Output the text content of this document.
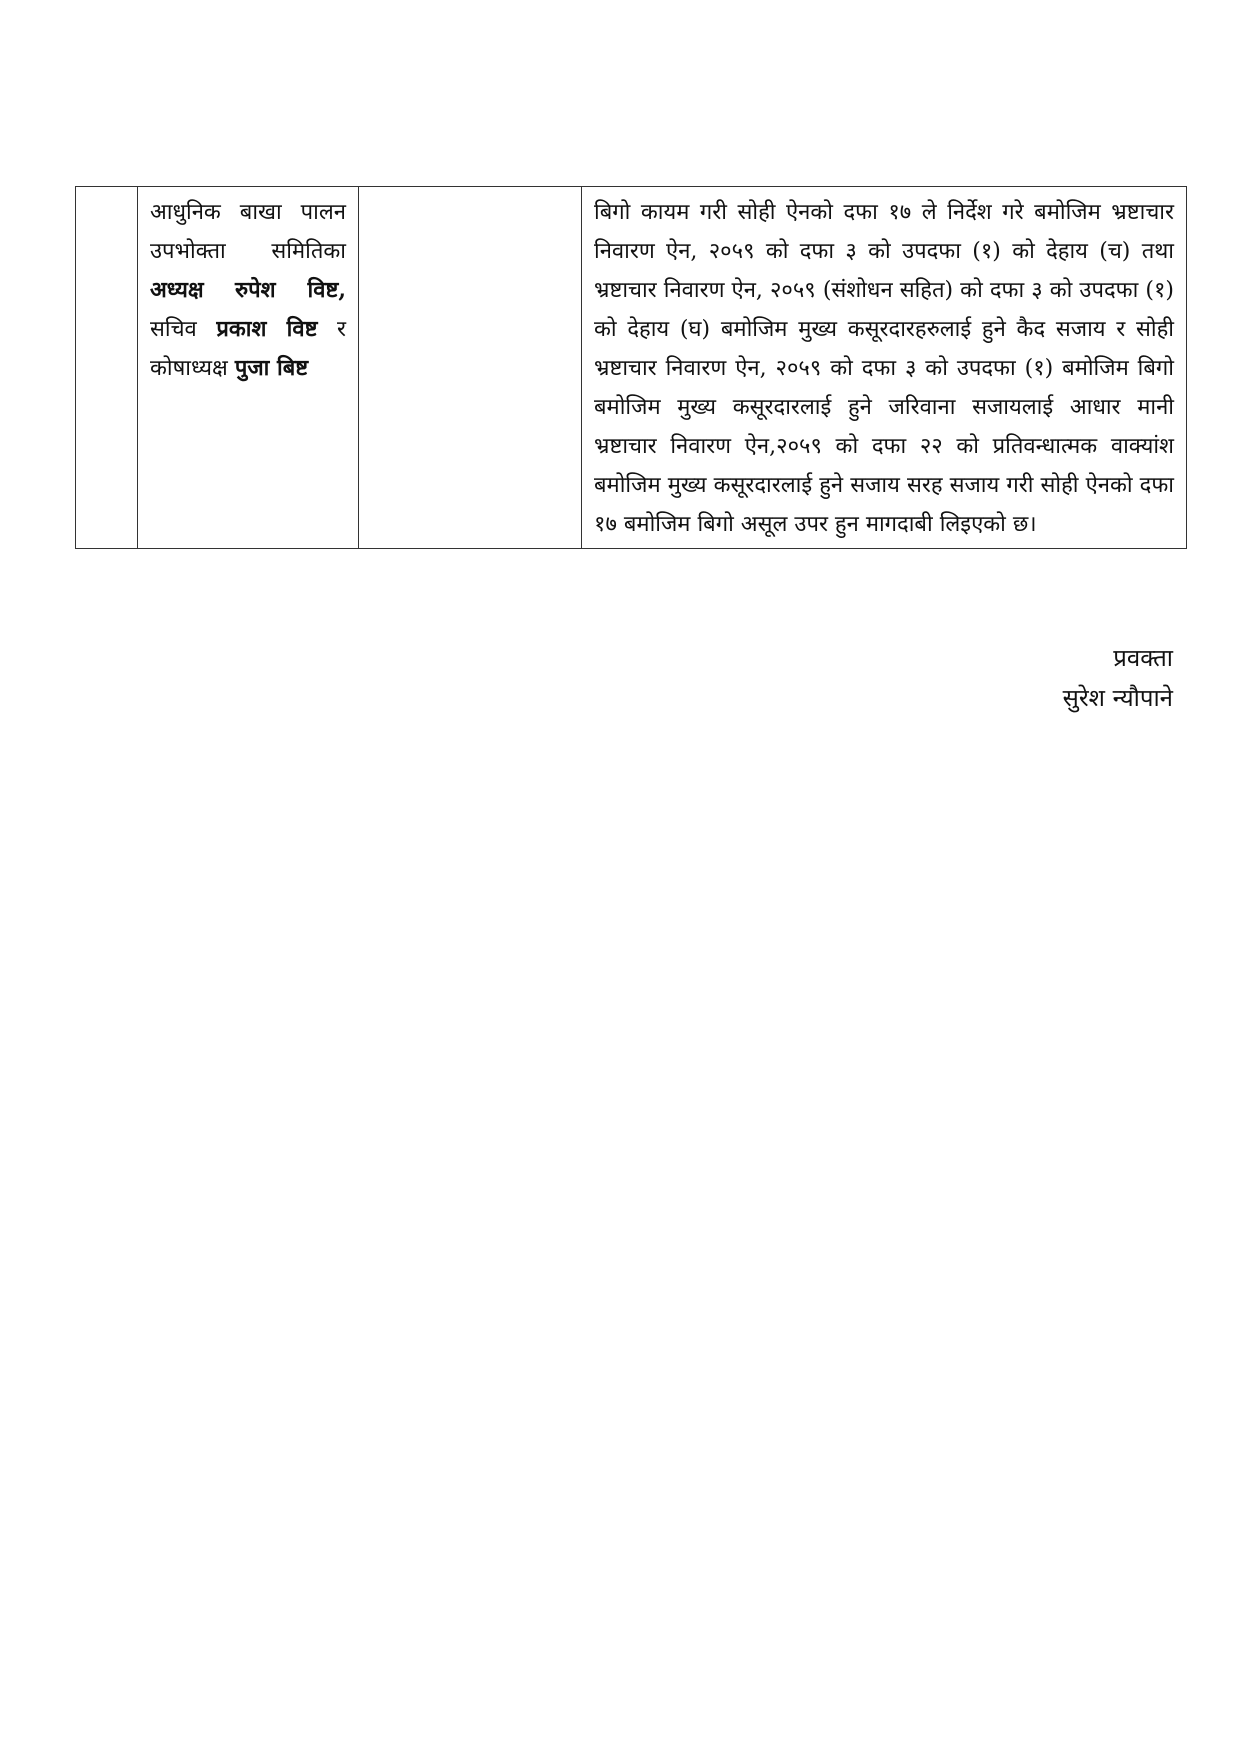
	आधुनिक बाखा पालन उपभोक्ता समितिका अध्यक्ष रुपेश विष्ट, सचिव प्रकाश विष्ट र कोषाध्यक्ष पुजा बिष्ट		बिगो कायम गरी सोही ऐनको दफा १७ ले निर्देश गरे बमोजिम भ्रष्टाचार निवारण ऐन, २०५९ को दफा ३ को उपदफा (१) को देहाय (च) तथा भ्रष्टाचार निवारण ऐन, २०५९ (संशोधन सहित) को दफा ३ को उपदफा (१) को देहाय (घ) बमोजिम मुख्य कसूरदारहरुलाई हुने कैद सजाय र सोही भ्रष्टाचार निवारण ऐन, २०५९ को दफा ३ को उपदफा (१) बमोजिम बिगो बमोजिम मुख्य कसूरदारलाई हुने जरिवाना सजायलाई आधार मानी भ्रष्टाचार निवारण ऐन,२०५९ को दफा २२ को प्रतिवन्धात्मक वाक्यांश बमोजिम मुख्य कसूरदारलाई हुने सजाय सरह सजाय गरी सोही ऐनको दफा १७ बमोजिम बिगो असूल उपर हुन मागदाबी लिइएको छ।
प्रवक्ता
सुरेश न्यौपाने
